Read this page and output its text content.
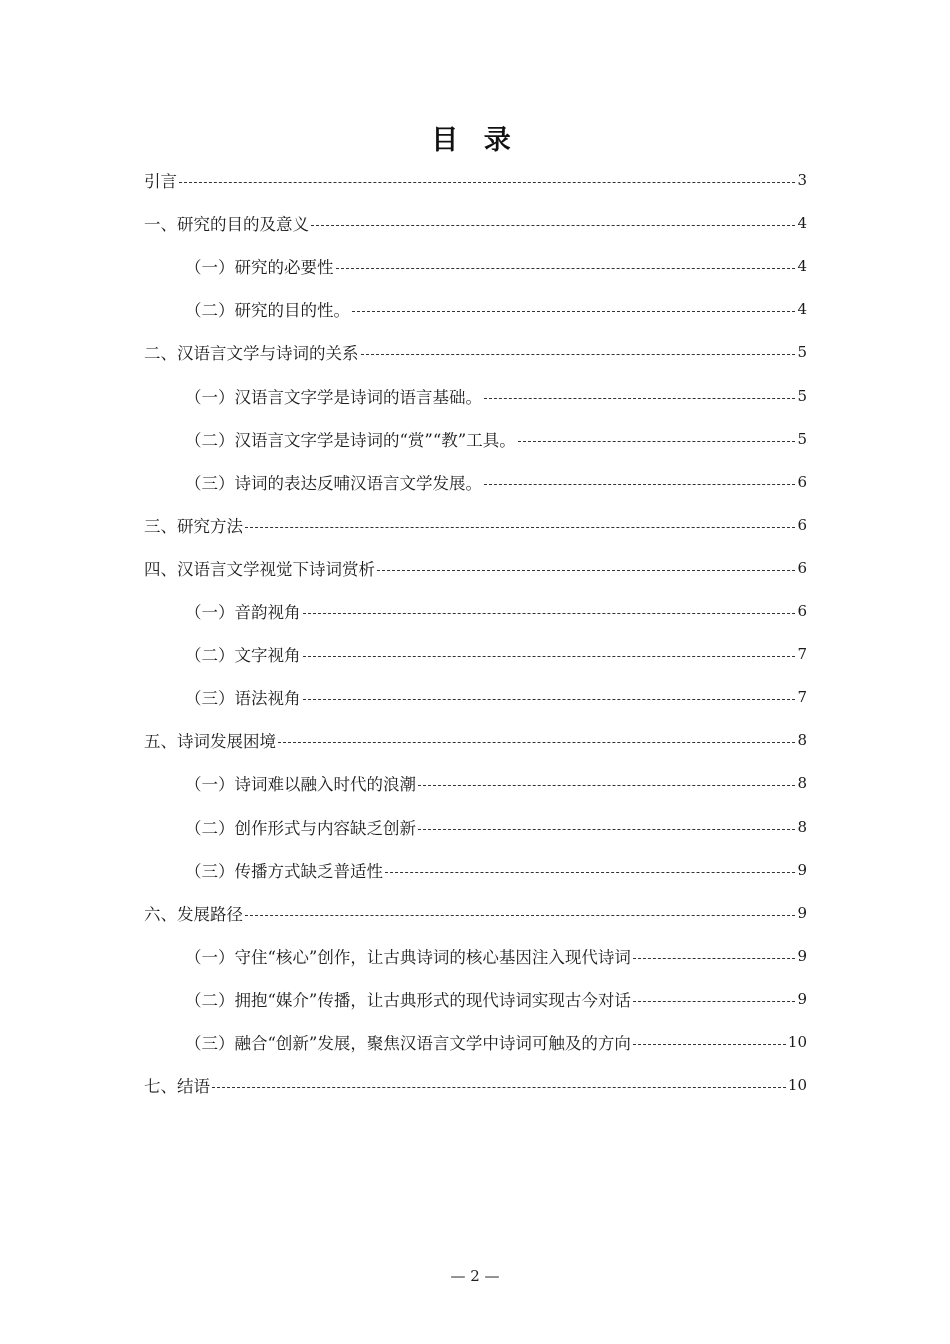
目 录
引言	3
一、研究的目的及意义	4
（一）研究的必要性	4
（二）研究的目的性。	4
二、汉语言文学与诗词的关系	5
（一）汉语言文字学是诗词的语言基础。	5
（二）汉语言文字学是诗词的“赏”“教”工具。	5
（三）诗词的表达反哺汉语言文学发展。	6
三、研究方法	6
四、汉语言文学视觉下诗词赏析	6
（一）音韵视角	6
（二）文字视角	7
（三）语法视角	7
五、诗词发展困境	8
（一）诗词难以融入时代的浪潮	8
（二）创作形式与内容缺乏创新	8
（三）传播方式缺乏普适性	9
六、发展路径	9
（一）守住“核心”创作，让古典诗词的核心基因注入现代诗词	9
（二）拥抱“媒介”传播，让古典形式的现代诗词实现古今对话	9
（三）融合“创新”发展，聚焦汉语言文学中诗词可触及的方向	10
七、结语	10
— 2 —
